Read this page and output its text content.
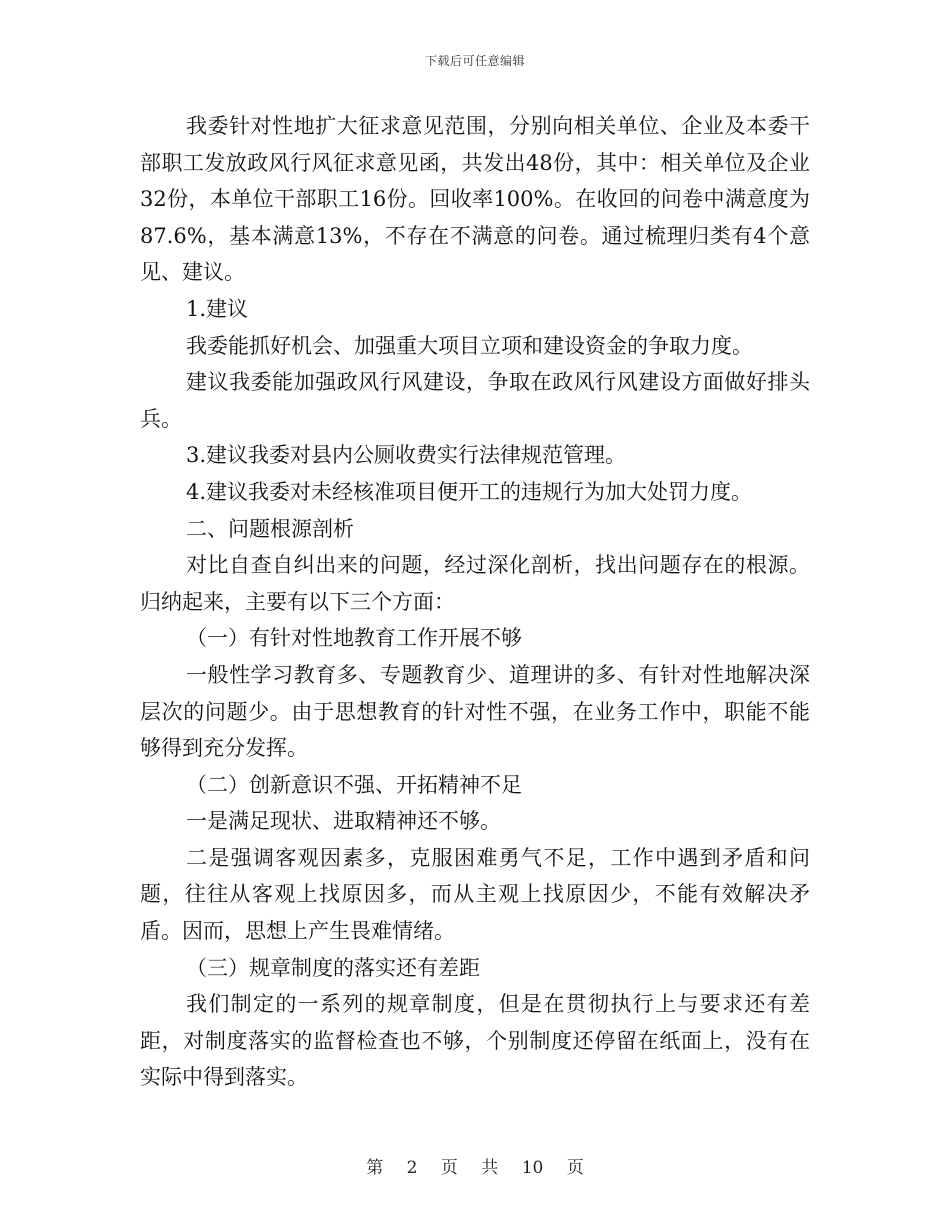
下载后可任意编辑

我委针对性地扩大征求意见范围，分别向相关单位、企业及本委干部职工发放政风行风征求意见函，共发出48份，其中：相关单位及企业32份，本单位干部职工16份。回收率100%。在收回的问卷中满意度为87.6%，基本满意13%，不存在不满意的问卷。通过梳理归类有4个意见、建议。

1.建议

我委能抓好机会、加强重大项目立项和建设资金的争取力度。

建议我委能加强政风行风建设，争取在政风行风建设方面做好排头兵。

3.建议我委对县内公厕收费实行法律规范管理。

4.建议我委对未经核准项目便开工的违规行为加大处罚力度。

二、问题根源剖析

对比自查自纠出来的问题，经过深化剖析，找出问题存在的根源。归纳起来，主要有以下三个方面：

（一）有针对性地教育工作开展不够

一般性学习教育多、专题教育少、道理讲的多、有针对性地解决深层次的问题少。由于思想教育的针对性不强，在业务工作中，职能不能够得到充分发挥。

（二）创新意识不强、开拓精神不足

一是满足现状、进取精神还不够。

二是强调客观因素多，克服困难勇气不足，工作中遇到矛盾和问题，往往从客观上找原因多，而从主观上找原因少，不能有效解决矛盾。因而，思想上产生畏难情绪。

（三）规章制度的落实还有差距

我们制定的一系列的规章制度，但是在贯彻执行上与要求还有差距，对制度落实的监督检查也不够，个别制度还停留在纸面上，没有在实际中得到落实。

第 2 页 共 10 页
